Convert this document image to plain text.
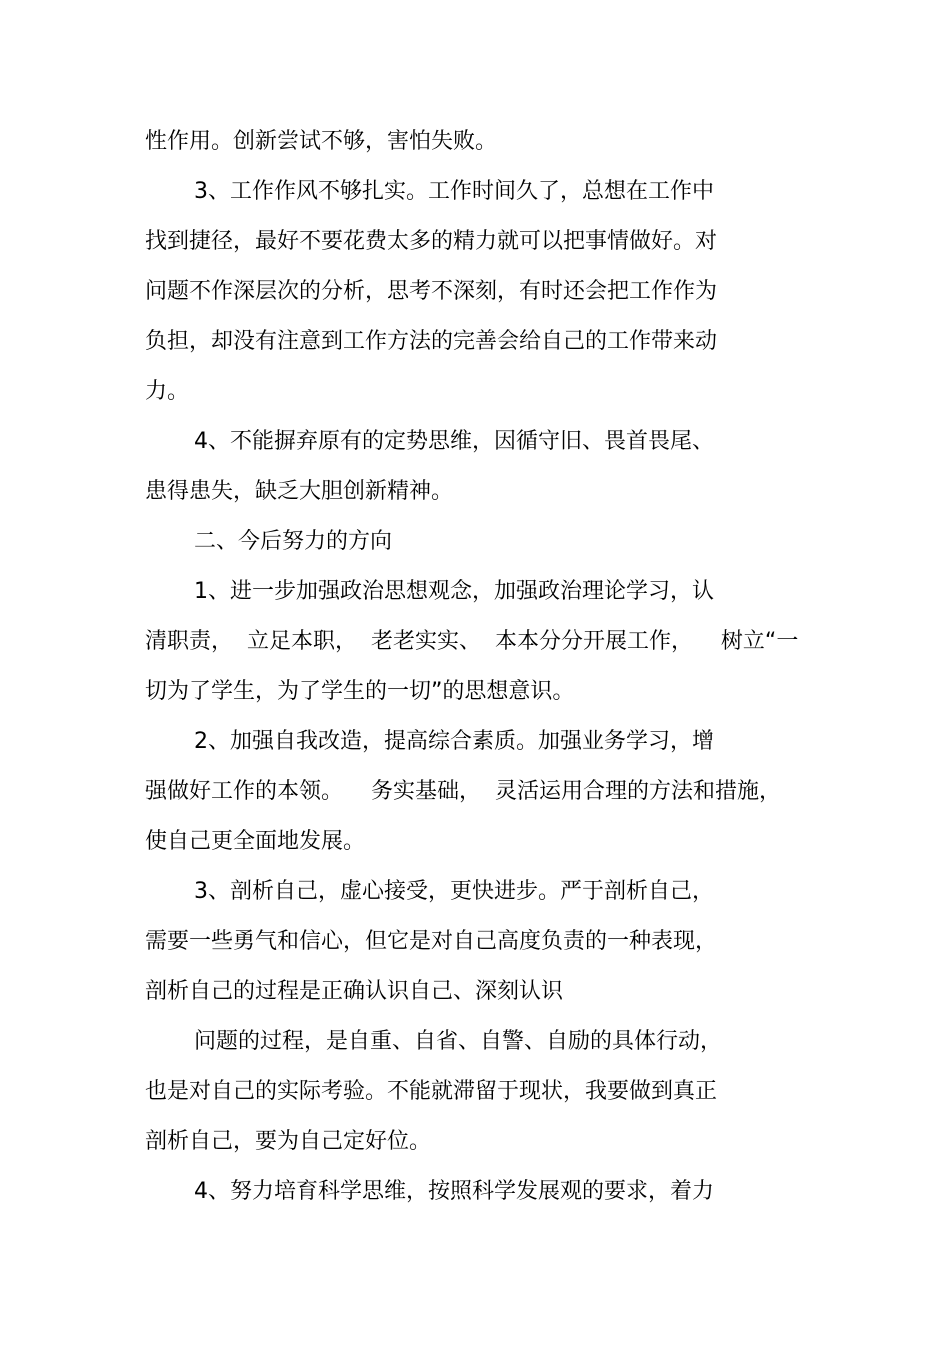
性作用。创新尝试不够，害怕失败。
3、工作作风不够扎实。工作时间久了，总想在工作中
找到捷径，最好不要花费太多的精力就可以把事情做好。对
问题不作深层次的分析，思考不深刻，有时还会把工作作为
负担，却没有注意到工作方法的完善会给自己的工作带来动
力。
4、不能摒弃原有的定势思维，因循守旧、畏首畏尾、
患得患失，缺乏大胆创新精神。
二、今后努力的方向
1、进一步加强政治思想观念，加强政治理论学习，认
清职责，  立足本职，  老老实实、  本本分分开展工作，    树立“一
切为了学生，为了学生的一切”的思想意识。
2、加强自我改造，提高综合素质。加强业务学习，增
强做好工作的本领。    务实基础，  灵活运用合理的方法和措施，
使自己更全面地发展。
3、剖析自己，虚心接受，更快进步。严于剖析自己，
需要一些勇气和信心，但它是对自己高度负责的一种表现，
剖析自己的过程是正确认识自己、深刻认识
问题的过程，是自重、自省、自警、自励的具体行动，
也是对自己的实际考验。不能就滞留于现状，我要做到真正
剖析自己，要为自己定好位。
4、努力培育科学思维，按照科学发展观的要求，着力
